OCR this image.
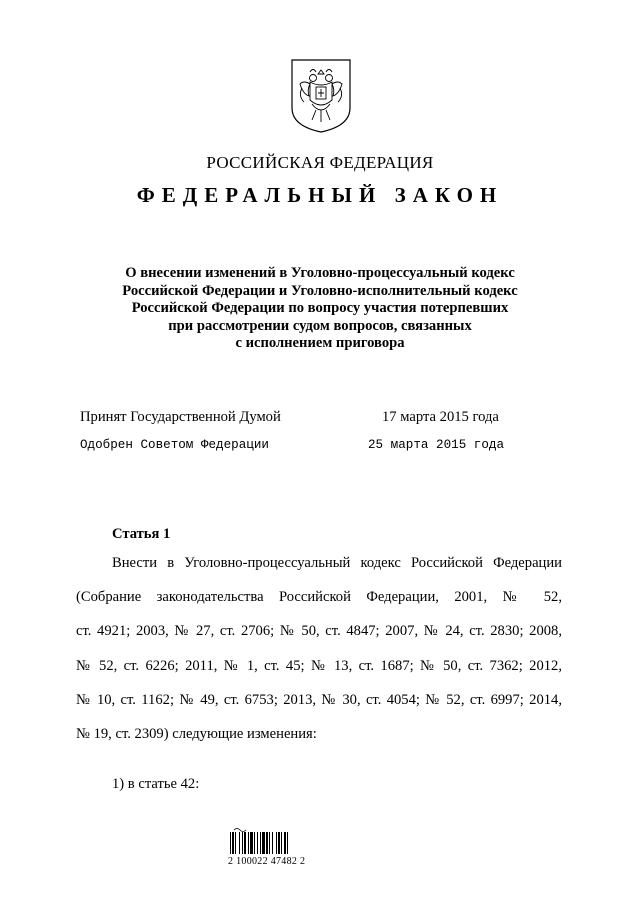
РОССИЙСКАЯ ФЕДЕРАЦИЯ
ФЕДЕРАЛЬНЫЙ ЗАКОН
О внесении изменений в Уголовно-процессуальный кодекс
Российской Федерации и Уголовно-исполнительный кодекс
Российской Федерации по вопросу участия потерпевших
при рассмотрении судом вопросов, связанных
с исполнением приговора
Принят Государственной Думой	17 марта 2015 года
Одобрен Советом Федерации	25 марта 2015 года
Статья 1
Внести в Уголовно-процессуальный кодекс Российской Федерации
(Собрание законодательства Российской Федерации, 2001, № 52,
ст. 4921; 2003, № 27, ст. 2706; № 50, ст. 4847; 2007, № 24, ст. 2830; 2008,
№ 52, ст. 6226; 2011, № 1, ст. 45; № 13, ст. 1687; № 50, ст. 7362; 2012,
№ 10, ст. 1162; № 49, ст. 6753; 2013, № 30, ст. 4054; № 52, ст. 6997; 2014,
№ 19, ст. 2309) следующие изменения:
1) в статье 42:
2 100022 47482 2
